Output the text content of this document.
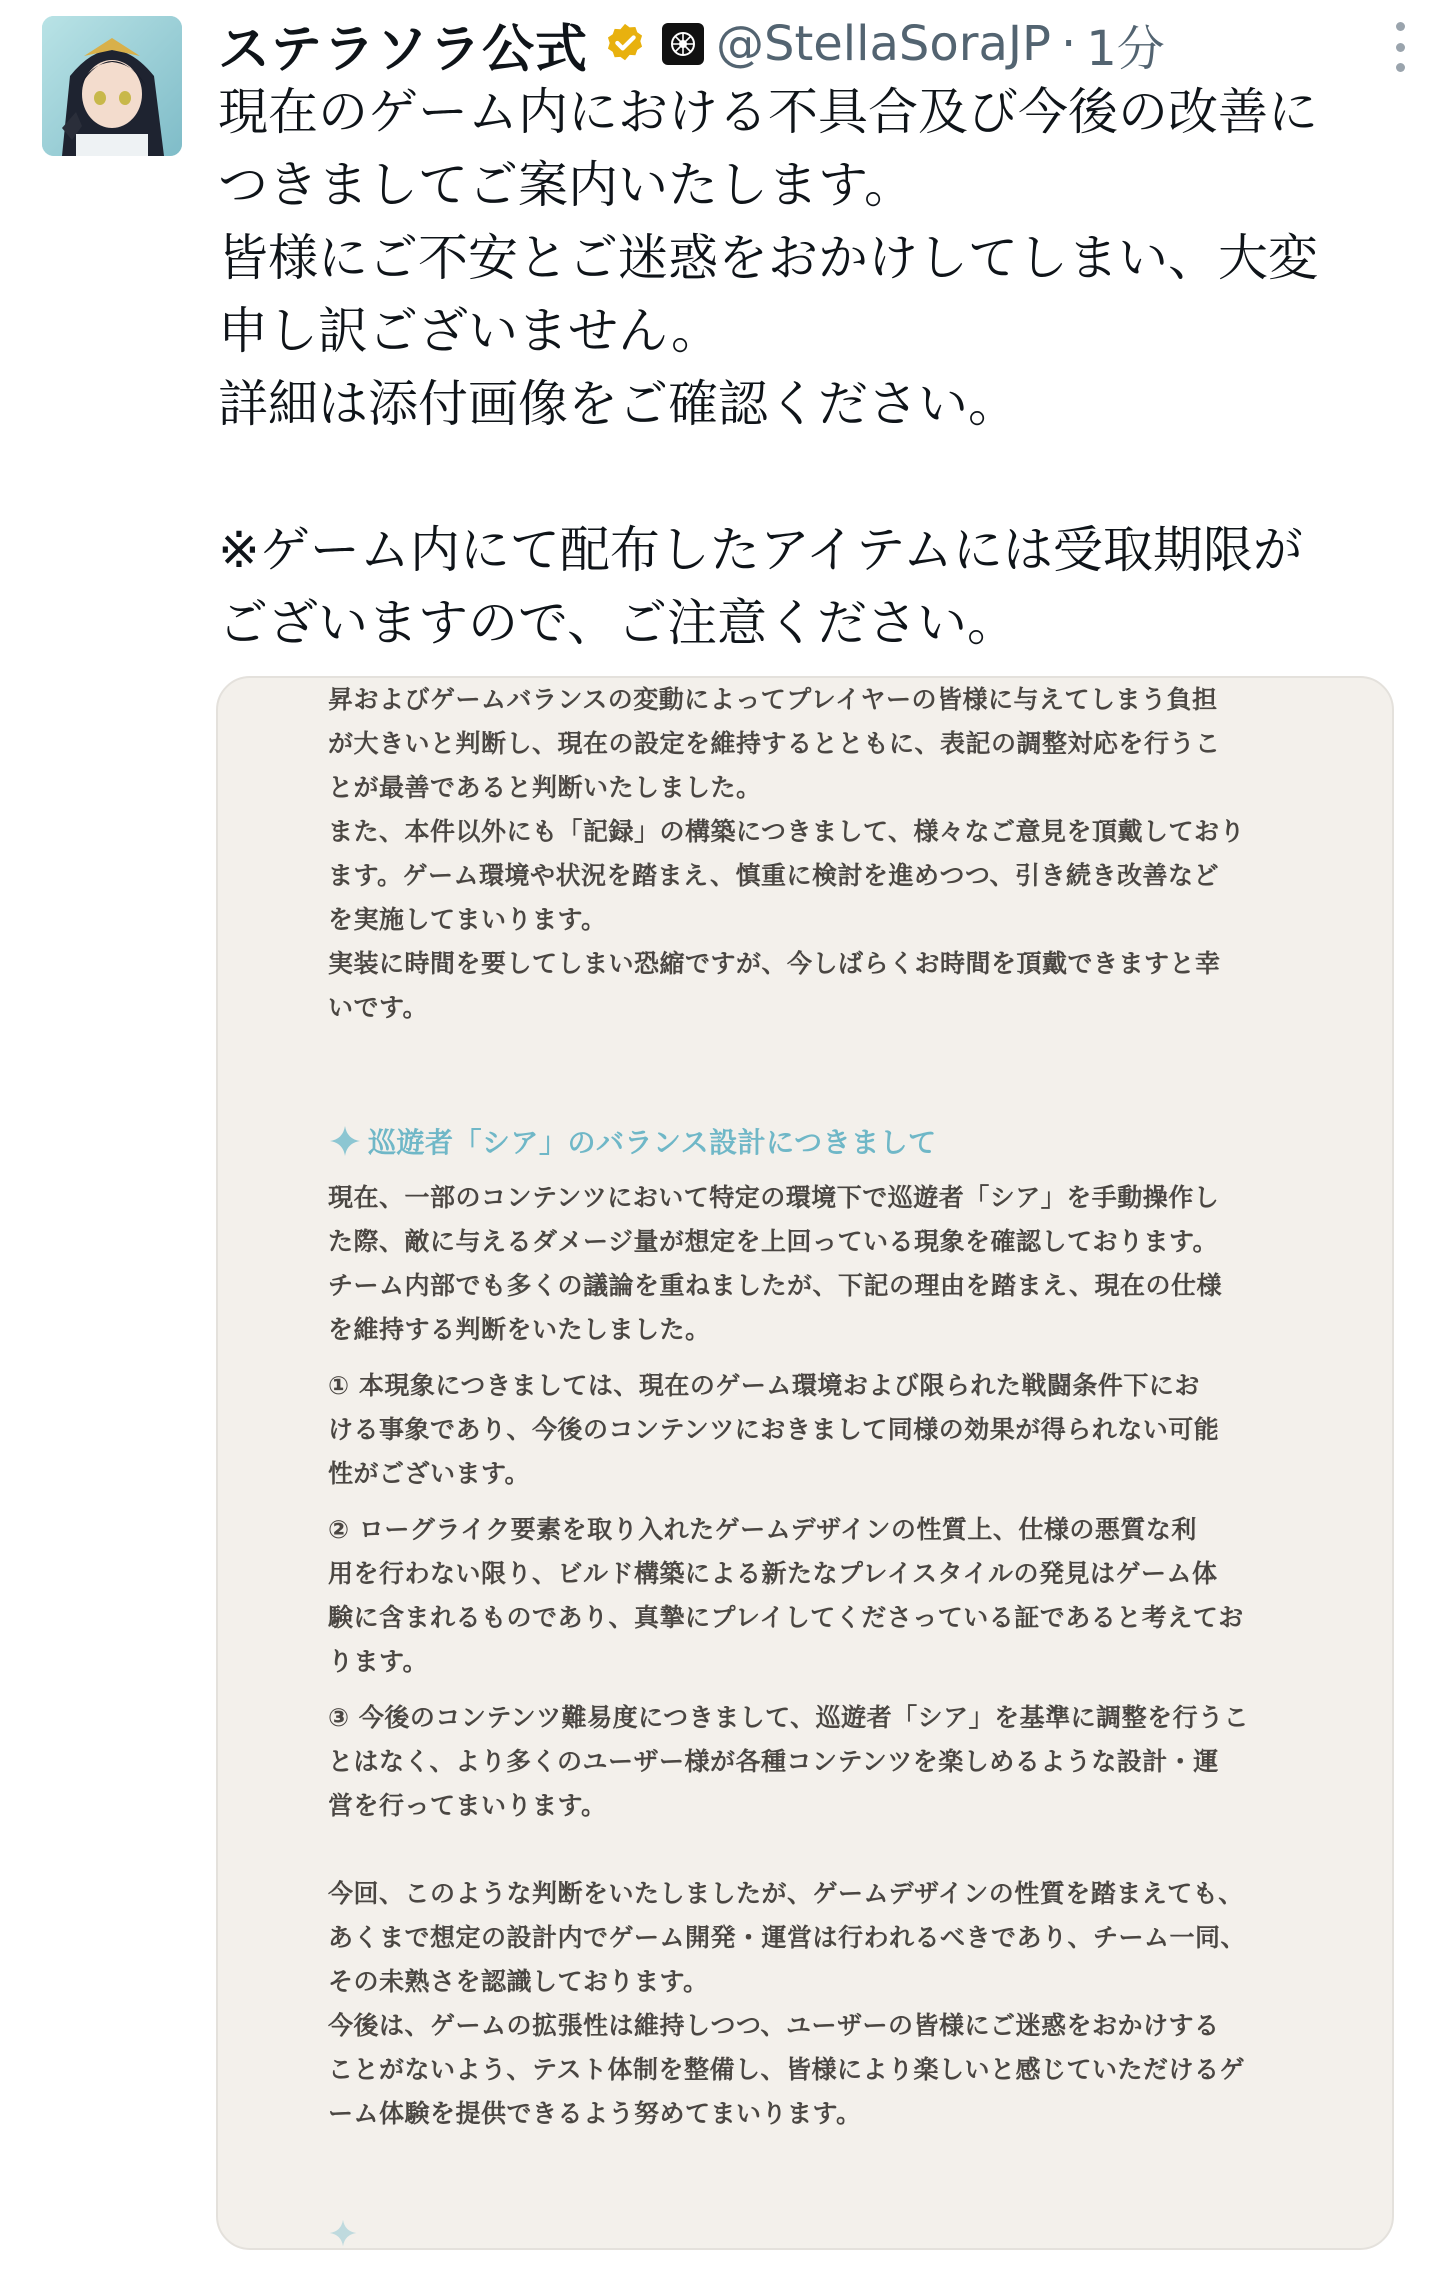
ステラソラ公式	@StellaSoraJP · 1分
現在のゲーム内における不具合及び今後の改善に
つきましてご案内いたします。
皆様にご不安とご迷惑をおかけしてしまい、大変
申し訳ございません。
詳細は添付画像をご確認ください。
※ゲーム内にて配布したアイテムには受取期限が
ございますので、ご注意ください。
昇およびゲームバランスの変動によってプレイヤーの皆様に与えてしまう負担
が大きいと判断し、現在の設定を維持するとともに、表記の調整対応を行うこ
とが最善であると判断いたしました。
また、本件以外にも「記録」の構築につきまして、様々なご意見を頂戴しており
ます。ゲーム環境や状況を踏まえ、慎重に検討を進めつつ、引き続き改善など
を実施してまいります。
実装に時間を要してしまい恐縮ですが、今しばらくお時間を頂戴できますと幸
いです。
巡遊者「シア」のバランス設計につきまして
現在、一部のコンテンツにおいて特定の環境下で巡遊者「シア」を手動操作し
た際、敵に与えるダメージ量が想定を上回っている現象を確認しております。
チーム内部でも多くの議論を重ねましたが、下記の理由を踏まえ、現在の仕様
を維持する判断をいたしました。
① 本現象につきましては、現在のゲーム環境および限られた戦闘条件下にお
ける事象であり、今後のコンテンツにおきまして同様の効果が得られない可能
性がございます。
② ローグライク要素を取り入れたゲームデザインの性質上、仕様の悪質な利
用を行わない限り、ビルド構築による新たなプレイスタイルの発見はゲーム体
験に含まれるものであり、真摯にプレイしてくださっている証であると考えてお
ります。
③ 今後のコンテンツ難易度につきまして、巡遊者「シア」を基準に調整を行うこ
とはなく、より多くのユーザー様が各種コンテンツを楽しめるような設計・運
営を行ってまいります。
今回、このような判断をいたしましたが、ゲームデザインの性質を踏まえても、
あくまで想定の設計内でゲーム開発・運営は行われるべきであり、チーム一同、
その未熟さを認識しております。
今後は、ゲームの拡張性は維持しつつ、ユーザーの皆様にご迷惑をおかけする
ことがないよう、テスト体制を整備し、皆様により楽しいと感じていただけるゲ
ーム体験を提供できるよう努めてまいります。
